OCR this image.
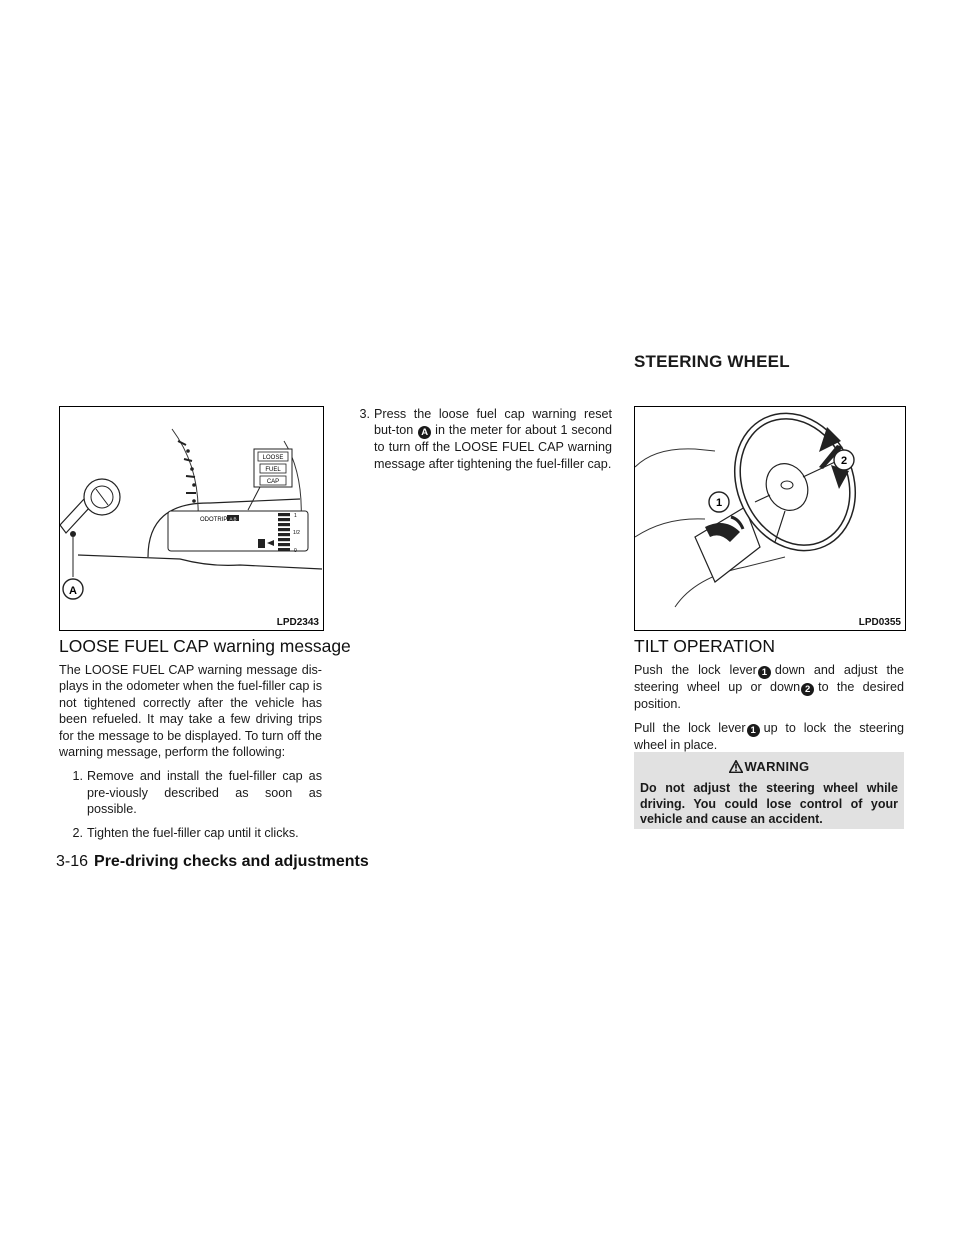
STEERING WHEEL
LOOSE
FUEL
CAP
ODOTRIP A B	1
1/2
0
A
LPD2343
1
2
LPD0355
LOOSE FUEL CAP warning message

The LOOSE FUEL CAP warning message dis-plays in the odometer when the fuel-filler cap is not tightened correctly after the vehicle has been refueled. It may take a few driving trips for the message to be displayed. To turn off the warning message, perform the following:

1. Remove and install the fuel-filler cap as pre-viously described as soon as possible.
2. Tighten the fuel-filler cap until it clicks.
3. Press the loose fuel cap warning reset but-ton A in the meter for about 1 second to turn off the LOOSE FUEL CAP warning message after tightening the fuel-filler cap.
TILT OPERATION

Push the lock lever 1 down and adjust the steering wheel up or down 2 to the desired position.

Pull the lock lever 1 up to lock the steering wheel in place.

WARNING
Do not adjust the steering wheel while driving. You could lose control of your vehicle and cause an accident.
3-16 Pre-driving checks and adjustments
